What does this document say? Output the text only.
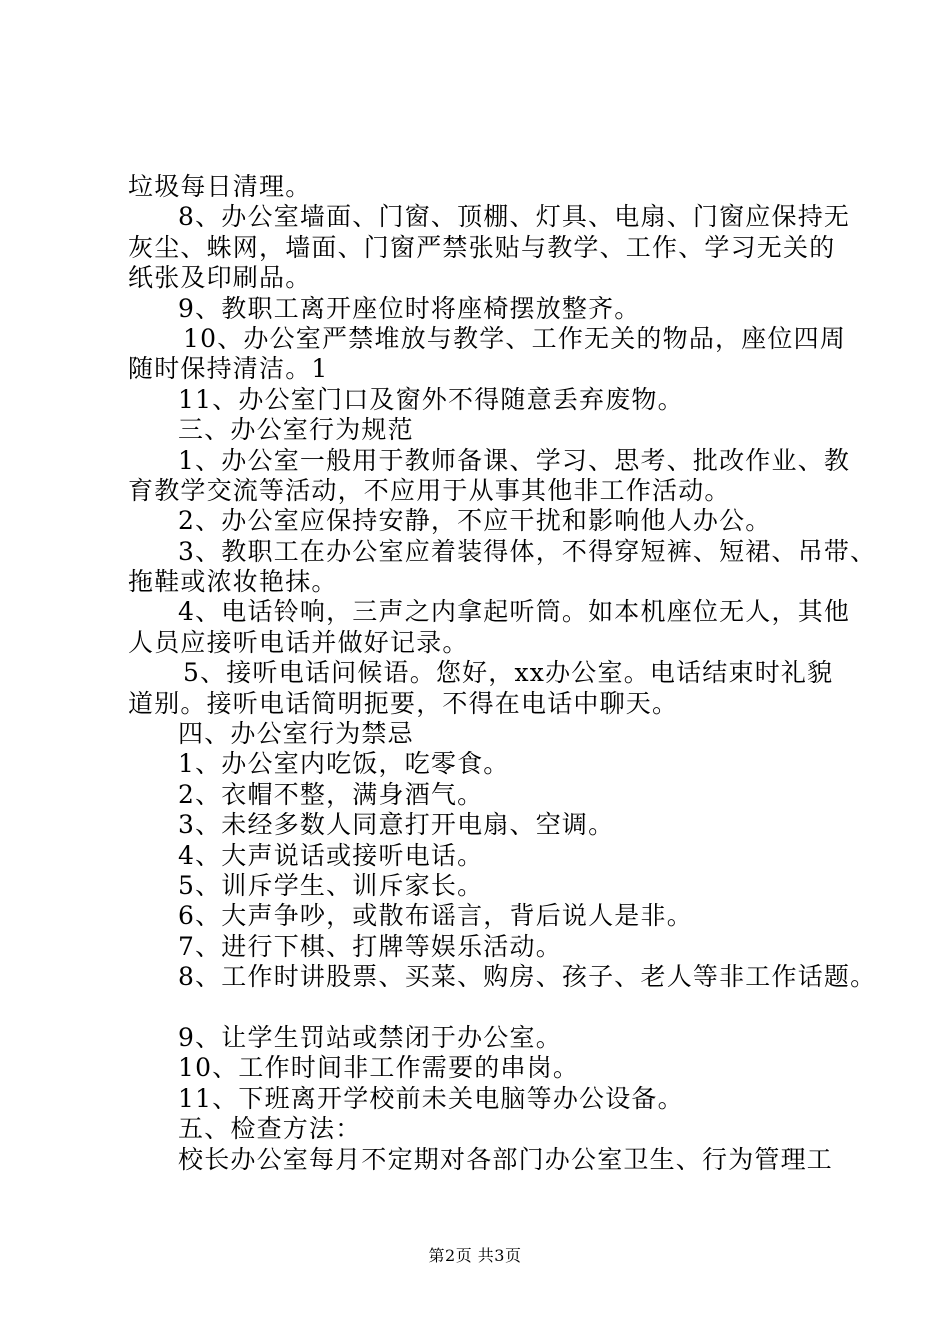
垃圾每日清理。
8、办公室墙面、门窗、顶棚、灯具、电扇、门窗应保持无
灰尘、蛛网，墙面、门窗严禁张贴与教学、工作、学习无关的
纸张及印刷品。
9、教职工离开座位时将座椅摆放整齐。
10、办公室严禁堆放与教学、工作无关的物品，座位四周
随时保持清洁。1
11、办公室门口及窗外不得随意丢弃废物。
三、办公室行为规范
1、办公室一般用于教师备课、学习、思考、批改作业、教
育教学交流等活动，不应用于从事其他非工作活动。
2、办公室应保持安静，不应干扰和影响他人办公。
3、教职工在办公室应着装得体，不得穿短裤、短裙、吊带、
拖鞋或浓妆艳抹。
4、电话铃响，三声之内拿起听筒。如本机座位无人，其他
人员应接听电话并做好记录。
5、接听电话问候语。您好，xx办公室。电话结束时礼貌
道别。接听电话简明扼要，不得在电话中聊天。
四、办公室行为禁忌
1、办公室内吃饭，吃零食。
2、衣帽不整，满身酒气。
3、未经多数人同意打开电扇、空调。
4、大声说话或接听电话。
5、训斥学生、训斥家长。
6、大声争吵，或散布谣言，背后说人是非。
7、进行下棋、打牌等娱乐活动。
8、工作时讲股票、买菜、购房、孩子、老人等非工作话题。
9、让学生罚站或禁闭于办公室。
10、工作时间非工作需要的串岗。
11、下班离开学校前未关电脑等办公设备。
五、检查方法：
校长办公室每月不定期对各部门办公室卫生、行为管理工
第2页 共3页
